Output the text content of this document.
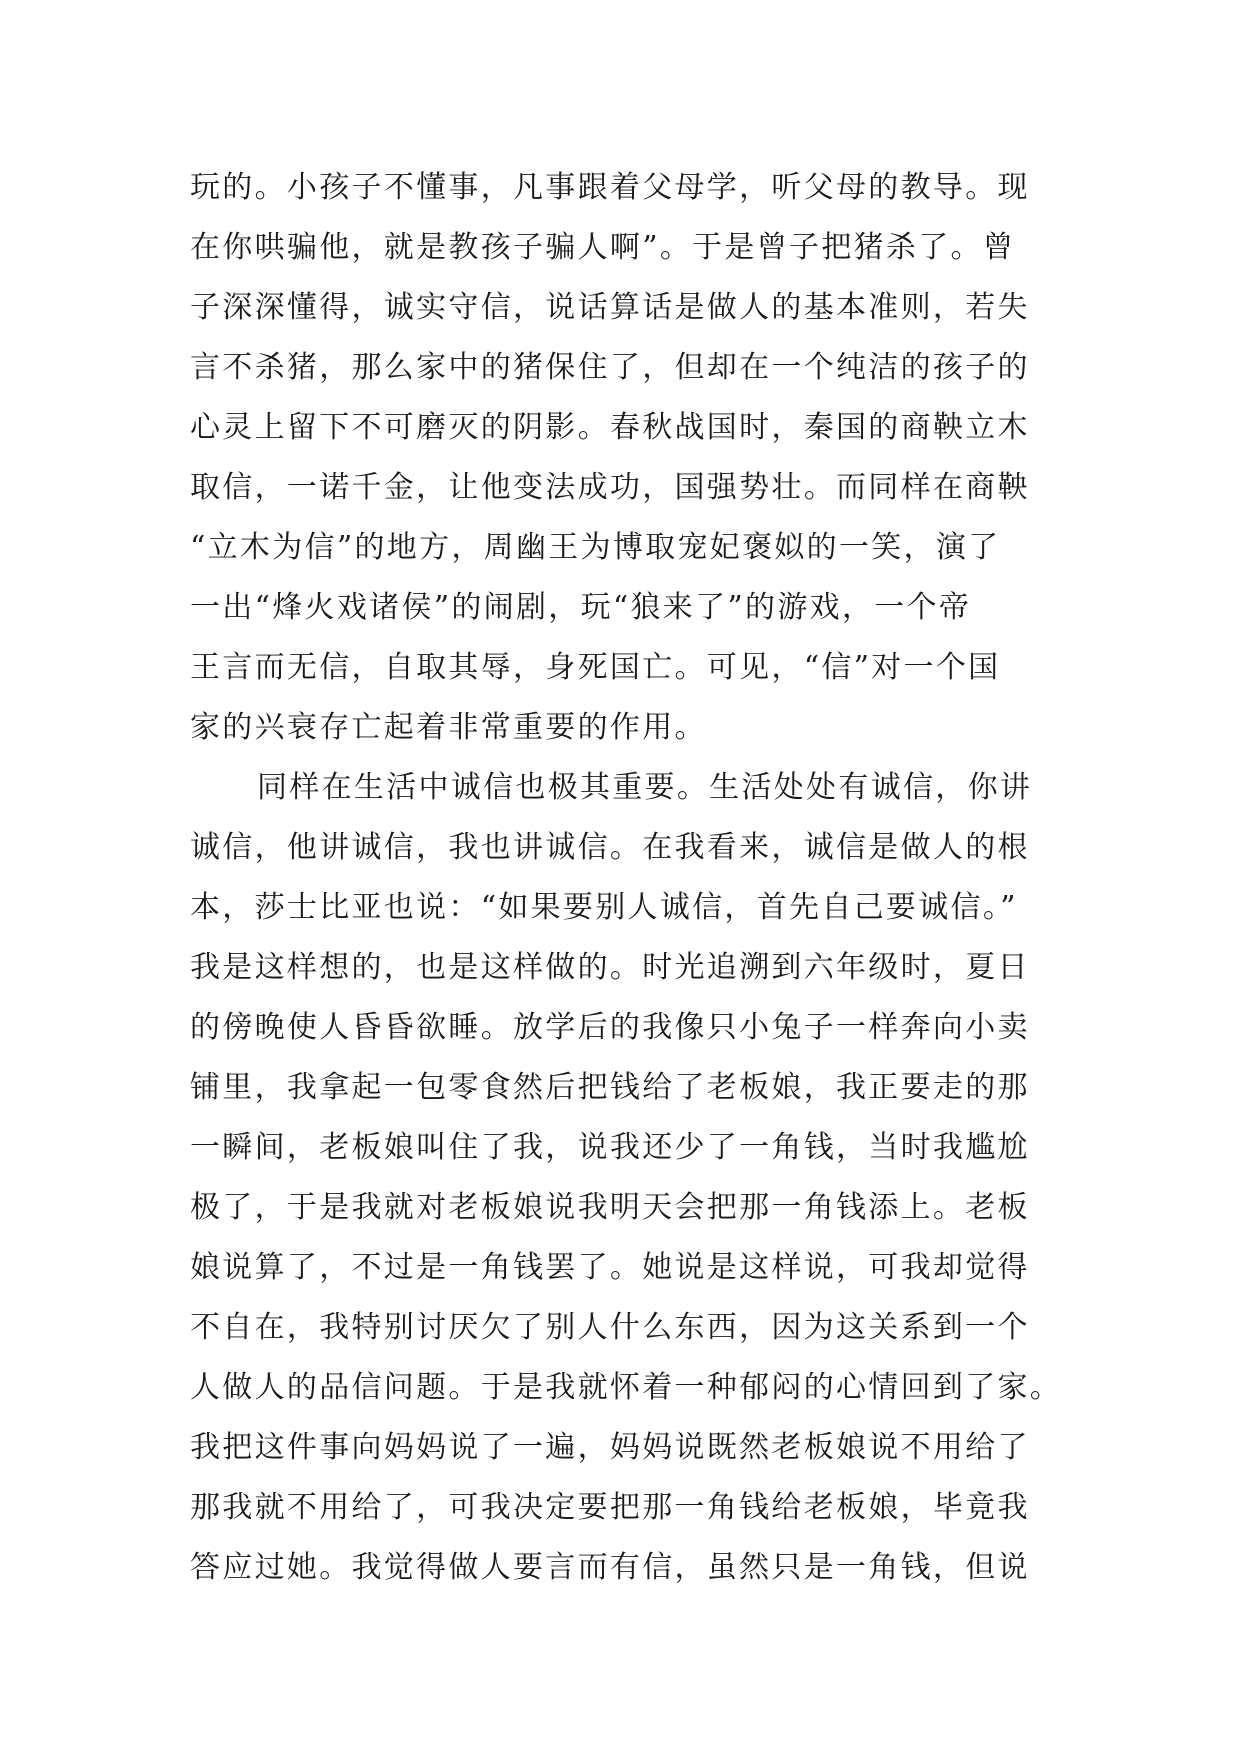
玩的。小孩子不懂事，凡事跟着父母学，听父母的教导。现
在你哄骗他，就是教孩子骗人啊”。于是曾子把猪杀了。曾
子深深懂得，诚实守信，说话算话是做人的基本准则，若失
言不杀猪，那么家中的猪保住了，但却在一个纯洁的孩子的
心灵上留下不可磨灭的阴影。春秋战国时，秦国的商鞅立木
取信，一诺千金，让他变法成功，国强势壮。而同样在商鞅
“立木为信”的地方，周幽王为博取宠妃褒姒的一笑，演了
一出“烽火戏诸侯”的闹剧，玩“狼来了”的游戏，一个帝
王言而无信，自取其辱，身死国亡。可见，“信”对一个国
家的兴衰存亡起着非常重要的作用。
同样在生活中诚信也极其重要。生活处处有诚信，你讲
诚信，他讲诚信，我也讲诚信。在我看来，诚信是做人的根
本，莎士比亚也说：“如果要别人诚信，首先自己要诚信。”
我是这样想的，也是这样做的。时光追溯到六年级时，夏日
的傍晚使人昏昏欲睡。放学后的我像只小兔子一样奔向小卖
铺里，我拿起一包零食然后把钱给了老板娘，我正要走的那
一瞬间，老板娘叫住了我，说我还少了一角钱，当时我尴尬
极了，于是我就对老板娘说我明天会把那一角钱添上。老板
娘说算了，不过是一角钱罢了。她说是这样说，可我却觉得
不自在，我特别讨厌欠了别人什么东西，因为这关系到一个
人做人的品信问题。于是我就怀着一种郁闷的心情回到了家。
我把这件事向妈妈说了一遍，妈妈说既然老板娘说不用给了
那我就不用给了，可我决定要把那一角钱给老板娘，毕竟我
答应过她。我觉得做人要言而有信，虽然只是一角钱，但说
